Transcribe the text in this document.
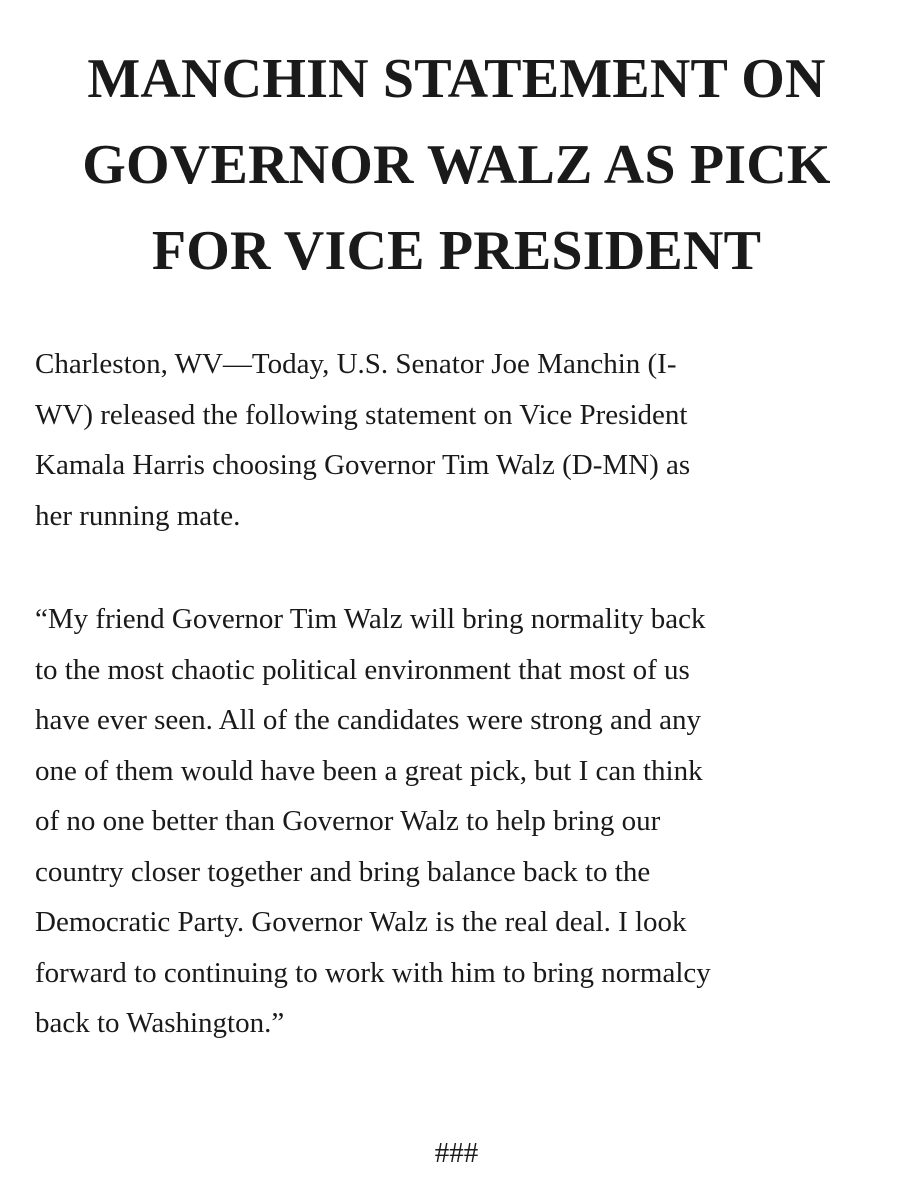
MANCHIN STATEMENT ON
GOVERNOR WALZ AS PICK
FOR VICE PRESIDENT

Charleston, WV—Today, U.S. Senator Joe Manchin (I-
WV) released the following statement on Vice President
Kamala Harris choosing Governor Tim Walz (D-MN) as
her running mate.

“My friend Governor Tim Walz will bring normality back
to the most chaotic political environment that most of us
have ever seen. All of the candidates were strong and any
one of them would have been a great pick, but I can think
of no one better than Governor Walz to help bring our
country closer together and bring balance back to the
Democratic Party. Governor Walz is the real deal. I look
forward to continuing to work with him to bring normalcy
back to Washington.”

###
